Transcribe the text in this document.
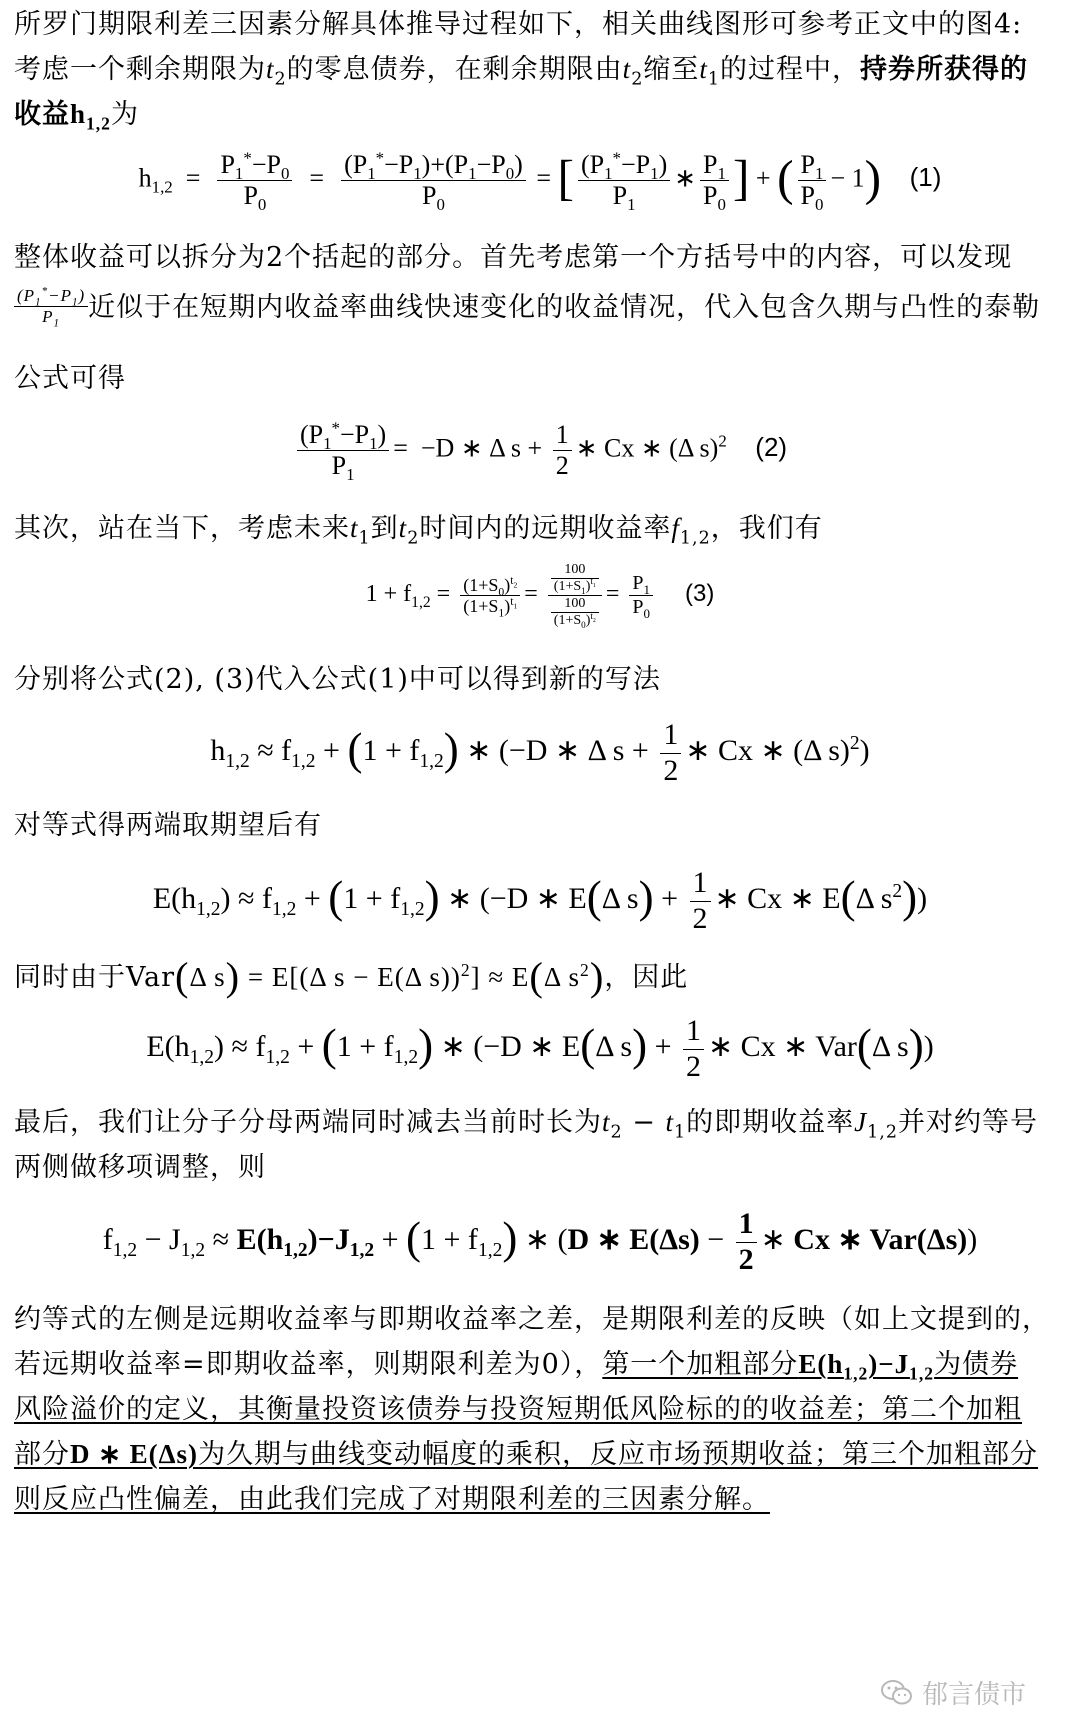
所罗门期限利差三因素分解具体推导过程如下，相关曲线图形可参考正文中的图4:

考虑一个剩余期限为$t_2$的零息债券，在剩余期限由$t_2$缩至$t_1$的过程中，持券所获得的

收益$h_{1,2}$为

$h_{1,2} = \frac{P_1^*-P_0}{P_0} = \frac{(P_1^*-P_1)+(P_1-P_0)}{P_0}$ = [ $\frac{(P_1^*-P_1)}{P_1}$ ∗ $\frac{P_1}{P_0}$ ] + ( $\frac{P_1}{P_0} - 1$) (1)

整体收益可以拆分为2个括起的部分。首先考虑第一个方括号中的内容，可以发现

$\frac{(P_1^*-P_1)}{P_1}$ 近似于在短期内收益率曲线快速变化的收益情况，代入包含久期与凸性的泰勒

公式可得

$\frac{(P_1^*-P_1)}{P_1} = -D$ ∗ Δ $s + \frac{1}{2}$ ∗ Cx ∗ (Δ s)$^2$ (2)

其次，站在当下，考虑未来$t_1$到$t_2$时间内的远期收益率$f_{1,2}$，我们有

$1 + f_{1,2} = \frac{(1+S_0)^{t_2}}{(1+S_1)^{t_1}} = \frac{\frac{100}{(1+S_1)^{t_1}}}{\frac{100}{(1+S_0)^{t_2}}} = \frac{P_1}{P_0} (3)$

分别将公式(2), (3)代入公式(1)中可以得到新的写法

$h_{1,2} \approx f_{1,2} + (1 + f_{1,2})$ ∗ (−D ∗ Δ $s + \frac{1}{2}$ ∗ Cx ∗ (Δ s)$^2$)

对等式得两端取期望后有

$E(h_{1,2}) \approx f_{1,2} + (1 + f_{1,2})$ ∗ (−D ∗ E(Δ $s) + \frac{1}{2}$ ∗ Cx ∗ E(Δ $s^2$))

同时由于Var(Δ s) = E[(Δ s − E(Δ s))$^2$] ≈ E(Δ $s^2$)，因此

$E(h_{1,2}) \approx f_{1,2} + (1 + f_{1,2})$ ∗ (−D ∗ E(Δ $s) + \frac{1}{2}$ ∗ Cx ∗ Var(Δ s))

最后，我们让分子分母两端同时减去当前时长为$t_2 - t_1$的即期收益率$J_{1,2}$并对约等号

两侧做移项调整，则

$f_{1,2} - J_{1,2} \approx E(h_{1,2})-J_{1,2} + (1 + f_{1,2})$ ∗ (D ∗ $E(\Delta s) - \frac{1}{2}$ ∗ Cx ∗ Var(Δs))

约等式的左侧是远期收益率与即期收益率之差，是期限利差的反映（如上文提到的，

若远期收益率=即期收益率，则期限利差为0），第一个加粗部分$E(h_{1,2})-J_{1,2}$为债券

风险溢价的定义，其衡量投资该债券与投资短期低风险标的的收益差；第二个加粗

部分D ∗ E(Δs)为久期与曲线变动幅度的乘积，反应市场预期收益；第三个加粗部分

则反应凸性偏差，由此我们完成了对期限利差的三因素分解。

郁言债市
